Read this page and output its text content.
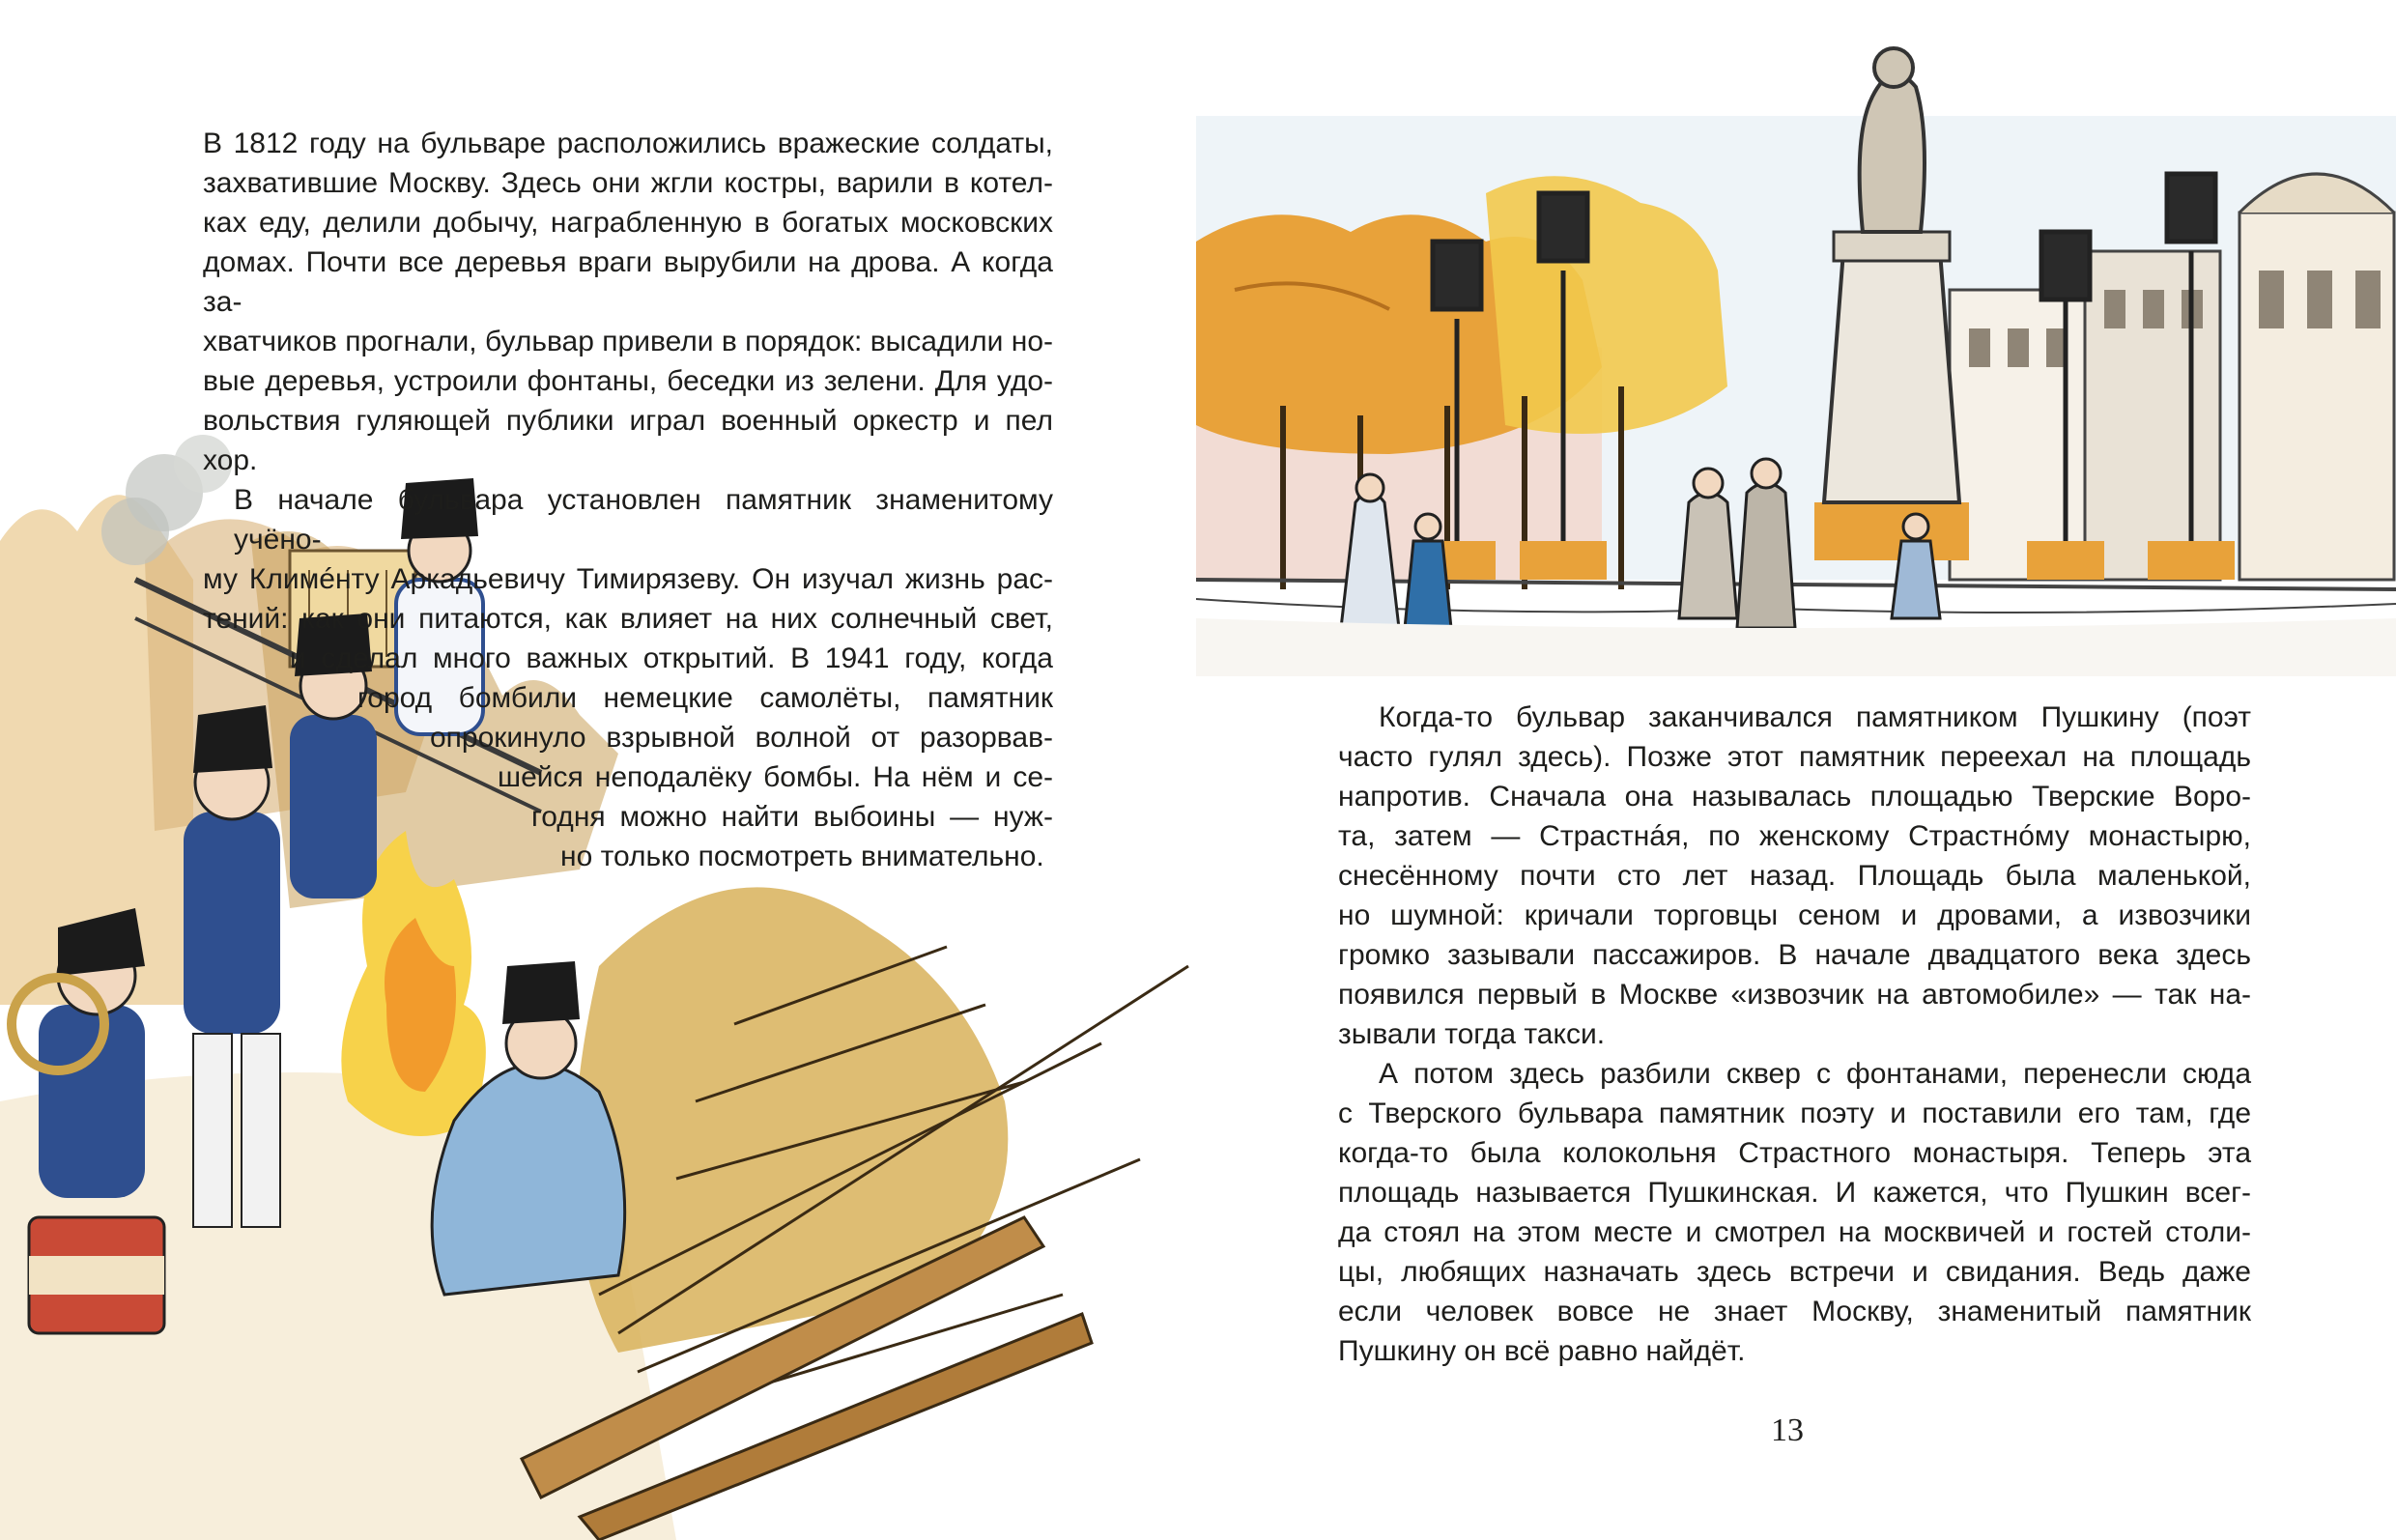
В 1812 году на бульваре расположились вражеские солдаты,
захватившие Москву. Здесь они жгли костры, варили в котел-
ках еду, делили добычу, награбленную в богатых московских
домах. Почти все деревья враги вырубили на дрова. А когда за-
хватчиков прогнали, бульвар привели в порядок: высадили но-
вые деревья, устроили фонтаны, беседки из зелени. Для удо-
вольствия гуляющей публики играл военный оркестр и пел хор.
В начале бульвара установлен памятник знаменитому учёно-
му Климéнту Аркадьевичу Тимирязеву. Он изучал жизнь рас-
тений: как они питаются, как влияет на них солнечный свет,
и сделал много важных открытий. В 1941 году, когда
город бомбили немецкие самолёты, памятник
опрокинуло взрывной волной от разорвав-
шейся неподалёку бомбы. На нём и се-
годня можно найти выбоины — нуж-
но только посмотреть внимательно.
Когда-то бульвар заканчивался памятником Пушкину (поэт
часто гулял здесь). Позже этот памятник переехал на площадь
напротив. Сначала она называлась площадью Тверские Воро-
та, затем — Страстнáя, по женскому Страстнóму монастырю,
снесённому почти сто лет назад. Площадь была маленькой,
но шумной: кричали торговцы сеном и дровами, а извозчики
громко зазывали пассажиров. В начале двадцатого века здесь
появился первый в Москве «извозчик на автомобиле» — так на-
зывали тогда такси.
А потом здесь разбили сквер с фонтанами, перенесли сюда
с Тверского бульвара памятник поэту и поставили его там, где
когда-то была колокольня Страстного монастыря. Теперь эта
площадь называется Пушкинская. И кажется, что Пушкин всег-
да стоял на этом месте и смотрел на москвичей и гостей столи-
цы, любящих назначать здесь встречи и свидания. Ведь даже
если человек вовсе не знает Москву, знаменитый памятник
Пушкину он всё равно найдёт.
13
